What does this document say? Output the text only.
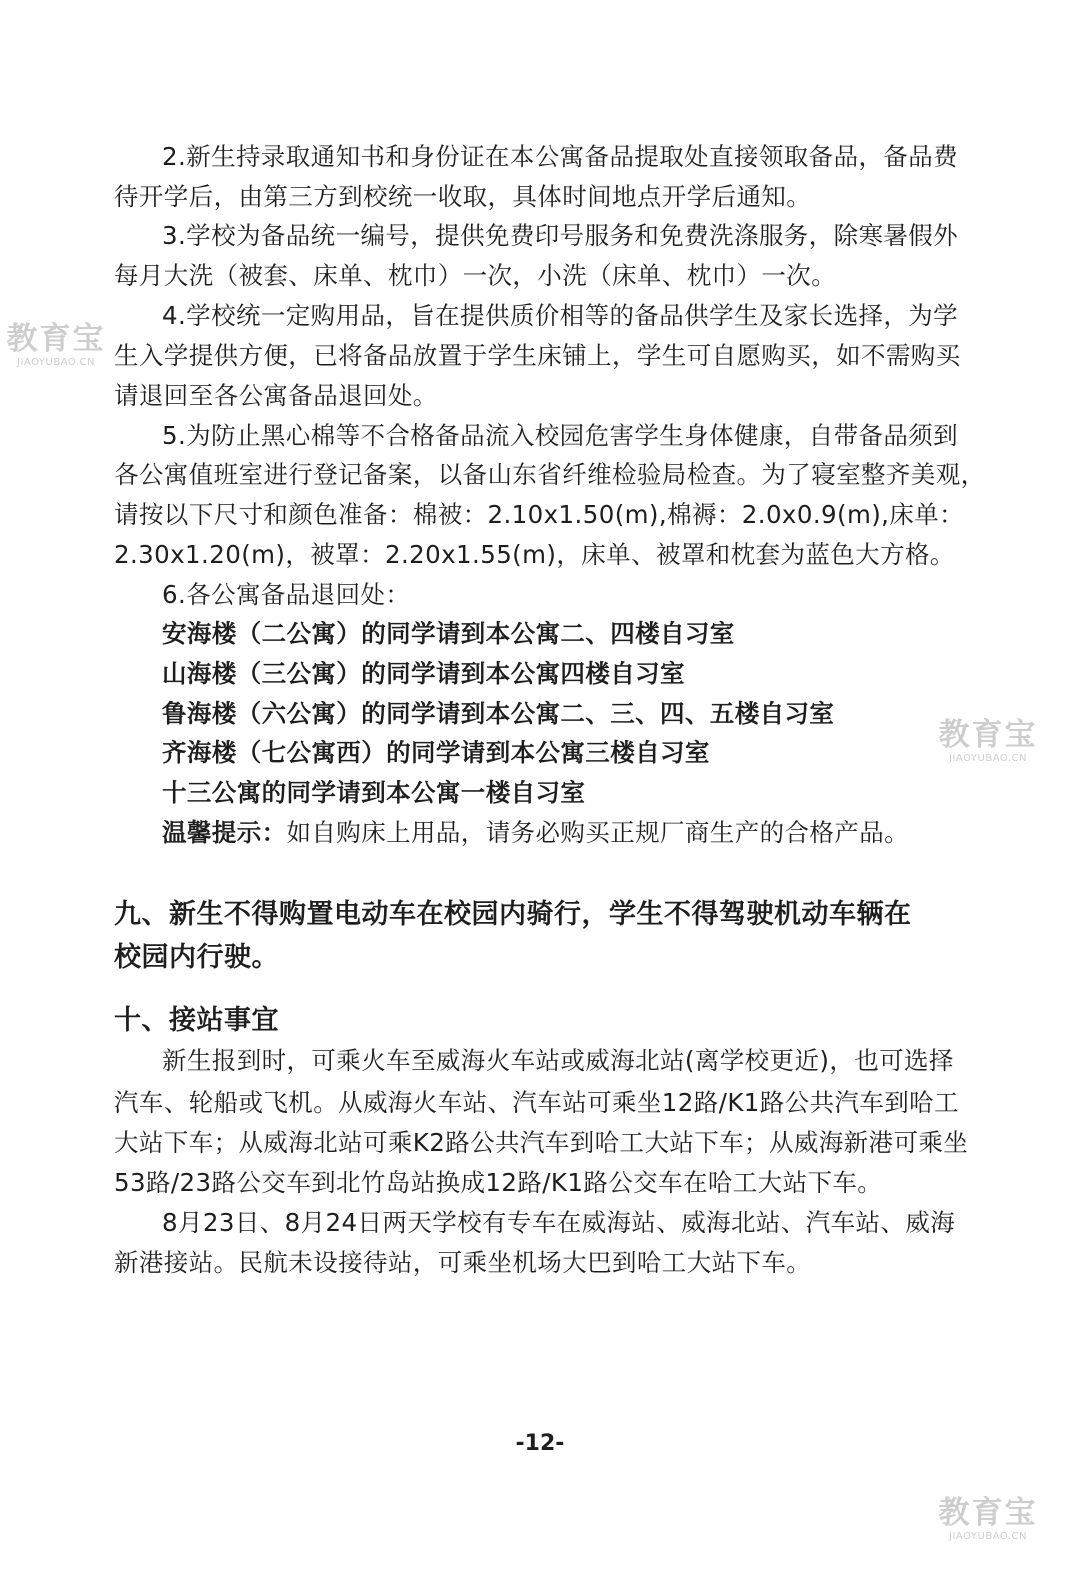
2.新生持录取通知书和身份证在本公寓备品提取处直接领取备品，备品费
待开学后，由第三方到校统一收取，具体时间地点开学后通知。
3.学校为备品统一编号，提供免费印号服务和免费洗涤服务，除寒暑假外
每月大洗（被套、床单、枕巾）一次，小洗（床单、枕巾）一次。
4.学校统一定购用品，旨在提供质价相等的备品供学生及家长选择，为学
生入学提供方便，已将备品放置于学生床铺上，学生可自愿购买，如不需购买
请退回至各公寓备品退回处。
5.为防止黑心棉等不合格备品流入校园危害学生身体健康，自带备品须到
各公寓值班室进行登记备案，以备山东省纤维检验局检查。为了寝室整齐美观，
请按以下尺寸和颜色准备：棉被：2.10x1.50(m),棉褥：2.0x0.9(m),床单：
2.30x1.20(m)，被罩：2.20x1.55(m)，床单、被罩和枕套为蓝色大方格。
6.各公寓备品退回处：
安海楼（二公寓）的同学请到本公寓二、四楼自习室
山海楼（三公寓）的同学请到本公寓四楼自习室
鲁海楼（六公寓）的同学请到本公寓二、三、四、五楼自习室
齐海楼（七公寓西）的同学请到本公寓三楼自习室
十三公寓的同学请到本公寓一楼自习室
温馨提示：如自购床上用品，请务必购买正规厂商生产的合格产品。
九、新生不得购置电动车在校园内骑行，学生不得驾驶机动车辆在
校园内行驶。
十、接站事宜
新生报到时，可乘火车至威海火车站或威海北站(离学校更近)，也可选择
汽车、轮船或飞机。从威海火车站、汽车站可乘坐12路/K1路公共汽车到哈工
大站下车；从威海北站可乘K2路公共汽车到哈工大站下车；从威海新港可乘坐
53路/23路公交车到北竹岛站换成12路/K1路公交车在哈工大站下车。
8月23日、8月24日两天学校有专车在威海站、威海北站、汽车站、威海
新港接站。民航未设接待站，可乘坐机场大巴到哈工大站下车。
-12-
教育宝
JIAOYUBAO.CN
教育宝
JIAOYUBAO.CN
教育宝
JIAOYUBAO.CN
